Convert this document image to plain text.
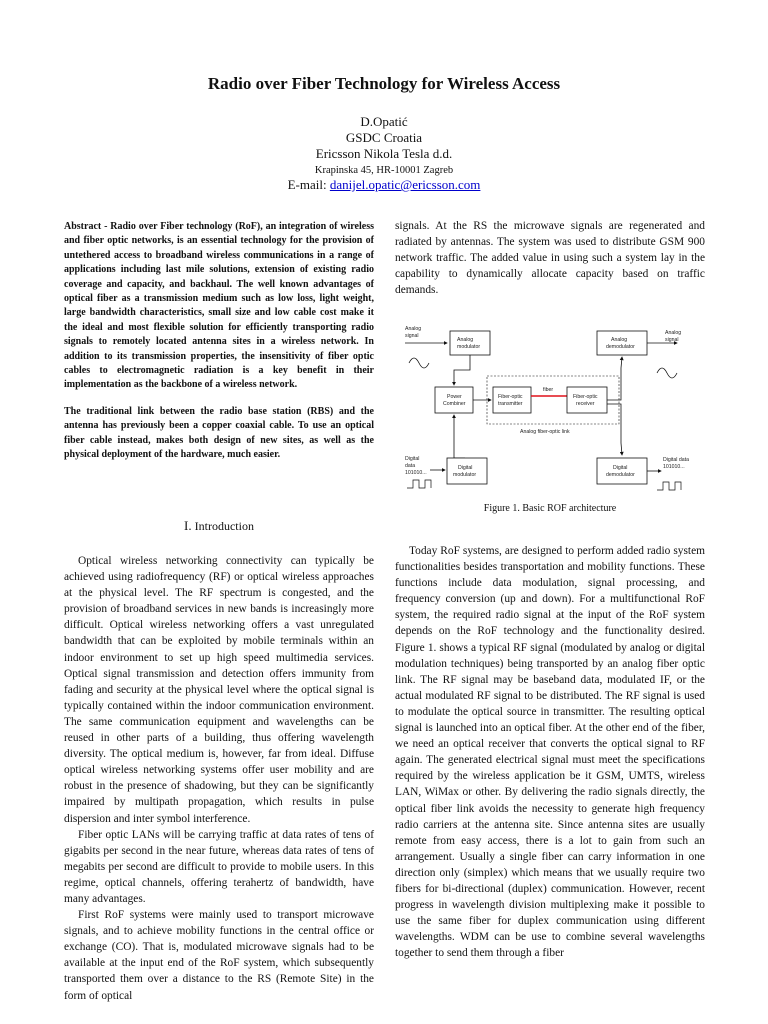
Radio over Fiber Technology for Wireless Access
D.Opatić
GSDC Croatia
Ericsson Nikola Tesla d.d.
Krapinska 45, HR-10001 Zagreb
E-mail: danijel.opatic@ericsson.com

Abstract - Radio over Fiber technology (RoF), an integration of wireless and fiber optic networks, is an essential technology for the provision of untethered access to broadband wireless communications in a range of applications including last mile solutions, extension of existing radio coverage and capacity, and backhaul. The well known advantages of optical fiber as a transmission medium such as low loss, light weight, large bandwidth characteristics, small size and low cable cost make it the ideal and most flexible solution for efficiently transporting radio signals to remotely located antenna sites in a wireless network. In addition to its transmission properties, the insensitivity of fiber optic cables to electromagnetic radiation is a key benefit in their implementation as the backbone of a wireless network.

The traditional link between the radio base station (RBS) and the antenna has previously been a copper coaxial cable. To use an optical fiber cable instead, makes both design of new sites, as well as the physical deployment of the hardware, much easier.

I. Introduction

Optical wireless networking connectivity can typically be achieved using radiofrequency (RF) or optical wireless approaches at the physical level. The RF spectrum is congested, and the provision of broadband services in new bands is increasingly more difficult. Optical wireless networking offers a vast unregulated bandwidth that can be exploited by mobile terminals within an indoor environment to set up high speed multimedia services. Optical signal transmission and detection offers immunity from fading and security at the physical level where the optical signal is typically contained within the indoor communication environment. The same communication equipment and wavelengths can be reused in other parts of a building, thus offering wavelength diversity. The optical medium is, however, far from ideal. Diffuse optical wireless networking systems offer user mobility and are robust in the presence of shadowing, but they can be significantly impaired by multipath propagation, which results in pulse dispersion and inter symbol interference.

Fiber optic LANs will be carrying traffic at data rates of tens of gigabits per second in the near future, whereas data rates of tens of megabits per second are difficult to provide to mobile users. In this regime, optical channels, offering terahertz of bandwidth, have many advantages.

First RoF systems were mainly used to transport microwave signals, and to achieve mobility functions in the central office or exchange (CO). That is, modulated microwave signals had to be available at the input end of the RoF system, which subsequently transported them over a distance to the RS (Remote Site) in the form of optical

signals. At the RS the microwave signals are regenerated and radiated by antennas. The system was used to distribute GSM 900 network traffic. The added value in using such a system lay in the capability to dynamically allocate capacity based on traffic demands.

Analog
signal
Analog
modulator
Analog
demodulator
Analog
signal
Analog fiber-optic link
Power
Combiner
Fiber-optic
transmitter
fiber
Fiber-optic
receiver
Digital
data
101010...
Digital
modulator
Digital
demodulator
Digital data
101010...
Figure 1. Basic ROF architecture

Today RoF systems, are designed to perform added radio system functionalities besides transportation and mobility functions. These functions include data modulation, signal processing, and frequency conversion (up and down). For a multifunctional RoF system, the required radio signal at the input of the RoF system depends on the RoF technology and the functionality desired. Figure 1. shows a typical RF signal (modulated by analog or digital modulation techniques) being transported by an analog fiber optic link. The RF signal may be baseband data, modulated IF, or the actual modulated RF signal to be distributed. The RF signal is used to modulate the optical source in transmitter. The resulting optical signal is launched into an optical fiber. At the other end of the fiber, we need an optical receiver that converts the optical signal to RF again. The generated electrical signal must meet the specifications required by the wireless application be it GSM, UMTS, wireless LAN, WiMax or other. By delivering the radio signals directly, the optical fiber link avoids the necessity to generate high frequency radio carriers at the antenna site. Since antenna sites are usually remote from easy access, there is a lot to gain from such an arrangement. Usually a single fiber can carry information in one direction only (simplex) which means that we usually require two fibers for bi-directional (duplex) communication. However, recent progress in wavelength division multiplexing make it possible to use the same fiber for duplex communication using different wavelengths. WDM can be use to combine several wavelengths together to send them through a fiber
